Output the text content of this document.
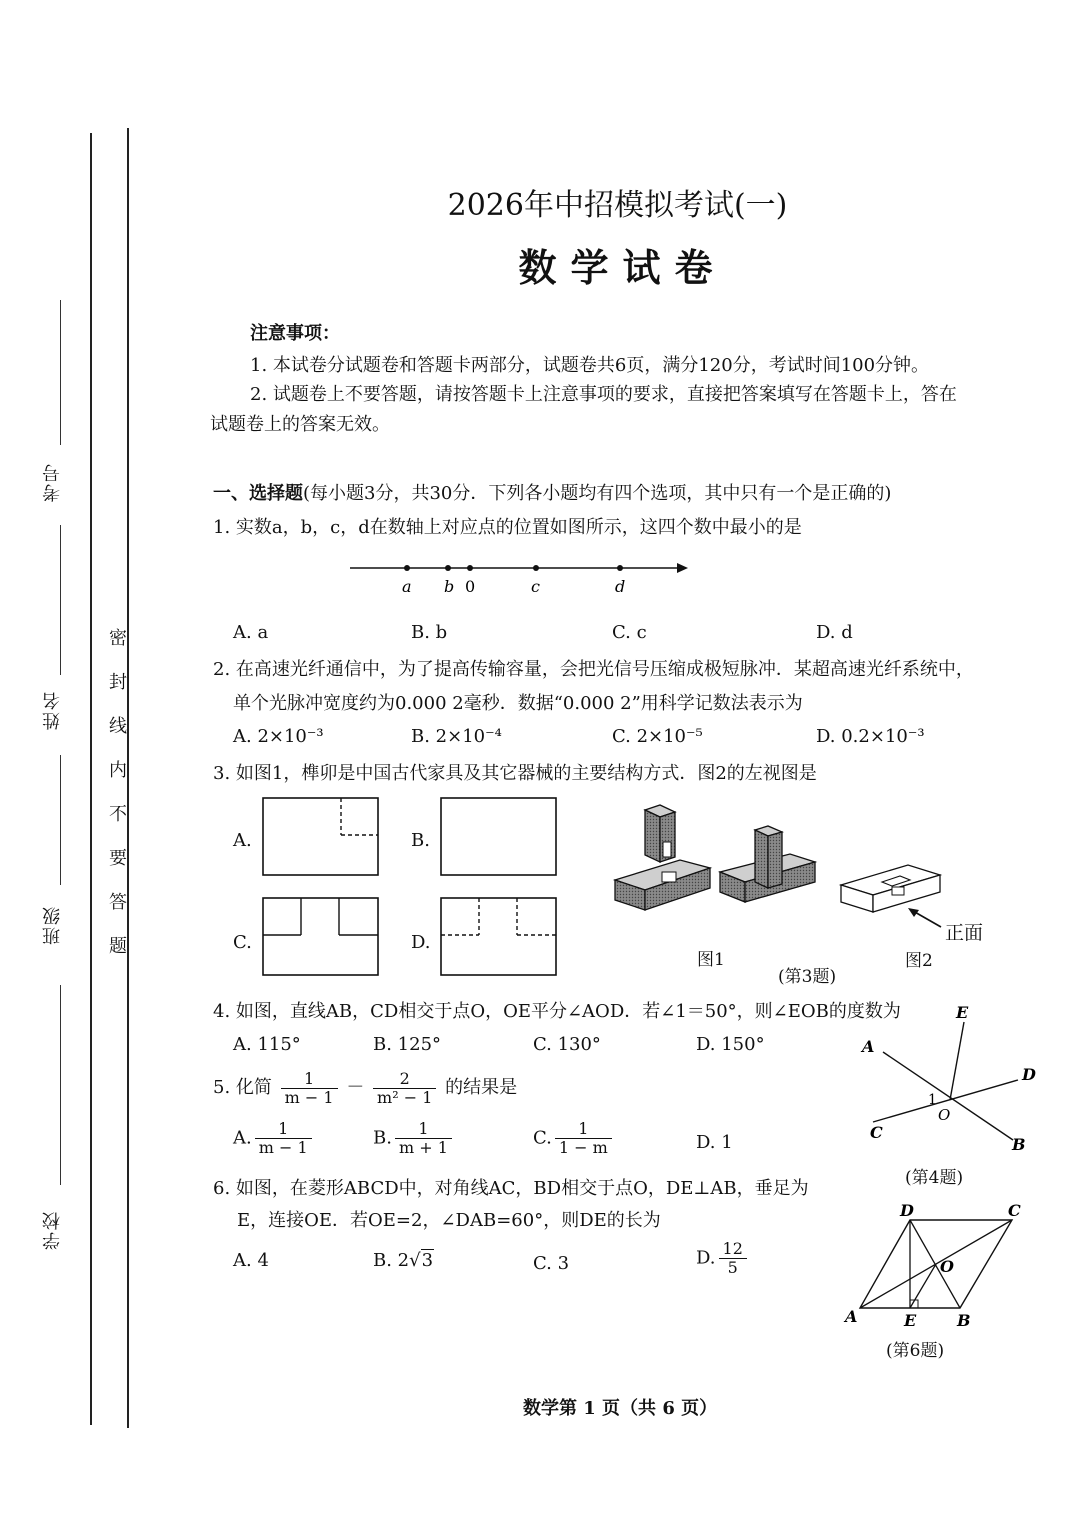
考号
姓名
班级
学校
密封线内不要答题
2026年中招模拟考试(一)
数学试卷
注意事项：
1. 本试卷分试题卷和答题卡两部分，试题卷共6页，满分120分，考试时间100分钟。
2. 试题卷上不要答题，请按答题卡上注意事项的要求，直接把答案填写在答题卡上，答在
试题卷上的答案无效。
一、选择题(每小题3分，共30分．下列各小题均有四个选项，其中只有一个是正确的)
1. 实数a，b，c，d在数轴上对应点的位置如图所示，这四个数中最小的是
a b 0	c	d
A. a	B. b	C. c	D. d
2. 在高速光纤通信中，为了提高传输容量，会把光信号压缩成极短脉冲．某超高速光纤系统中，
单个光脉冲宽度约为0.000 2毫秒．数据“0.000 2”用科学记数法表示为
A. 2×10⁻³	B. 2×10⁻⁴	C. 2×10⁻⁵	D. 0.2×10⁻³
3. 如图1，榫卯是中国古代家具及其它器械的主要结构方式．图2的左视图是
A.	B.
C.	D.	正面
图1	图2
(第3题)
4. 如图，直线AB，CD相交于点O，OE平分∠AOD．若∠1＝50°，则∠EOB的度数为
A. 115°	B. 125°	C. 130°	D. 150°
E
A
D
1
O
C
B
(第4题)
5. 化简 $\frac{1}{m - 1} - \frac{2}{\text{m² − 1}}$ 的结果是
A. $\frac{1}{m - 1}$	B. $\frac{1}{m + 1}$	C. $\frac{1}{1 - m}$	D. 1
6. 如图，在菱形ABCD中，对角线AC，BD相交于点O，DE⊥AB，垂足为
E，连接OE．若OE=2，∠DAB=60°，则DE的长为
A. 4	B. 2√3	C. 3	D. $\frac{12}{5}$
D	C
O
A	E	B
(第6题)
数学第 1 页（共 6 页）
